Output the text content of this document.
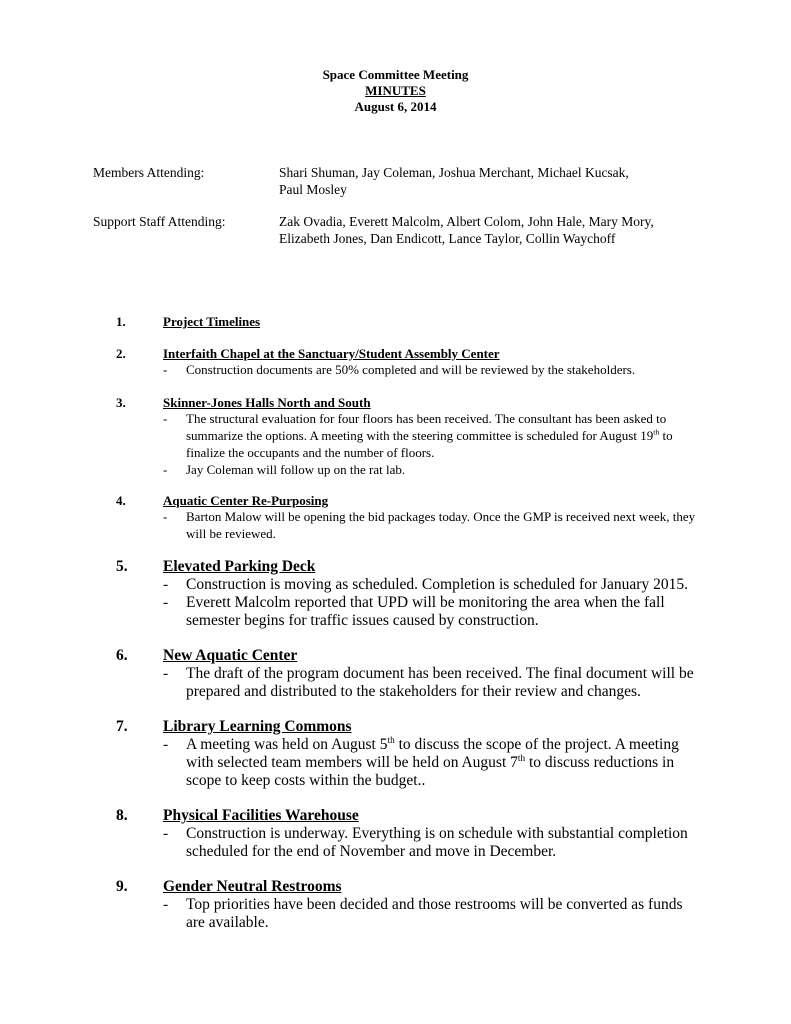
Space Committee Meeting
MINUTES
August 6, 2014
Members Attending:	Shari Shuman, Jay Coleman, Joshua Merchant, Michael Kucsak,
Paul Mosley
Support Staff Attending:	Zak Ovadia, Everett Malcolm, Albert Colom, John Hale, Mary Mory,
Elizabeth Jones, Dan Endicott, Lance Taylor, Collin Waychoff
1.	Project Timelines
2.	Interfaith Chapel at the Sanctuary/Student Assembly Center
- Construction documents are 50% completed and will be reviewed by the stakeholders.
3.	Skinner-Jones Halls North and South
- The structural evaluation for four floors has been received. The consultant has been asked to summarize the options. A meeting with the steering committee is scheduled for August 19th to finalize the occupants and the number of floors.
- Jay Coleman will follow up on the rat lab.
4.	Aquatic Center Re-Purposing
- Barton Malow will be opening the bid packages today. Once the GMP is received next week, they will be reviewed.
5. Elevated Parking Deck
- Construction is moving as scheduled. Completion is scheduled for January 2015.
- Everett Malcolm reported that UPD will be monitoring the area when the fall semester begins for traffic issues caused by construction.
6. New Aquatic Center
- The draft of the program document has been received. The final document will be prepared and distributed to the stakeholders for their review and changes.
7. Library Learning Commons
- A meeting was held on August 5th to discuss the scope of the project. A meeting with selected team members will be held on August 7th to discuss reductions in scope to keep costs within the budget..
8. Physical Facilities Warehouse
- Construction is underway. Everything is on schedule with substantial completion scheduled for the end of November and move in December.
9. Gender Neutral Restrooms
- Top priorities have been decided and those restrooms will be converted as funds are available.
